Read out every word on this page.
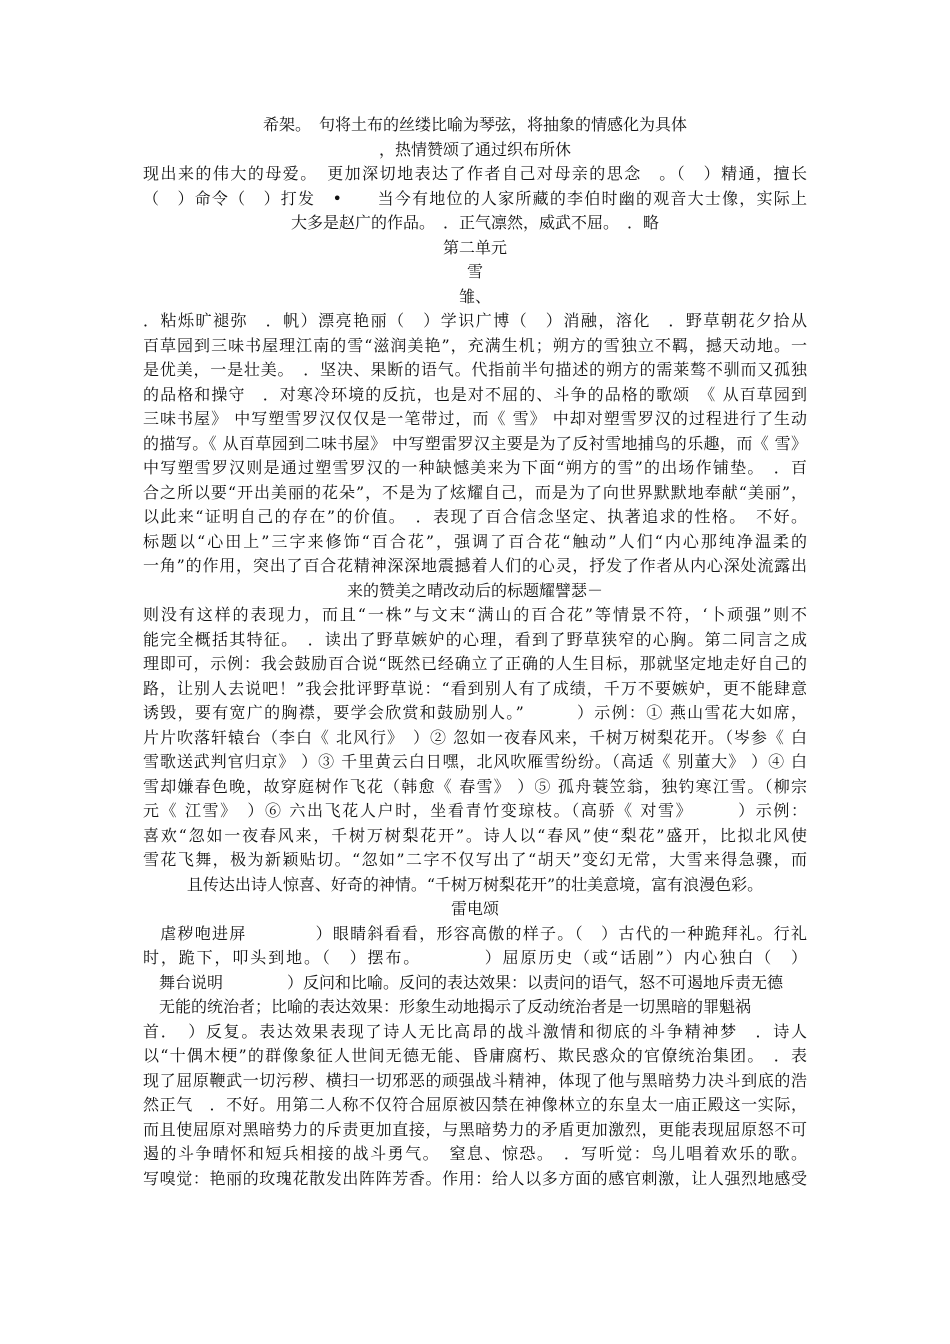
希架。　句将土布的丝缕比喻为琴弦，将抽象的情感化为具体
，热情赞颂了通过织布所休
现出来的伟大的母爱。　更加深切地表达了作者自己对母亲的思念　。（　）精通，擅长
（　）命令（　）打发　•　　当今有地位的人家所藏的李伯时幽的观音大士像，实际上
大多是赵广的作品。　．正气凛然，威武不屈。　．略
第二单元
雪
雏、
．粘烁旷褪弥　．帆）漂亮艳丽（　）学识广博（　）消融，溶化　．野草朝花夕拾从
百草园到三味书屋理江南的雪“滋润美艳”，充满生机；朔方的雪独立不羁，撼天动地。一
是优美，一是壮美。　．坚决、果断的语气。代指前半句描述的朔方的需莱骜不驯而又孤独
的品格和操守　．对寒冷环境的反抗，也是对不屈的、斗争的品格的歌颂　《 从百草园到
三味书屋》 中写塑雪罗汉仅仅是一笔带过，而《 雪》 中却对塑雪罗汉的过程进行了生动
的描写。《 从百草园到二味书屋》 中写塑雷罗汉主要是为了反衬雪地捕鸟的乐趣，而《 雪》
中写塑雪罗汉则是通过塑雪罗汉的一种缺憾美来为下面“朔方的雪”的出场作铺垫。　．百
合之所以要“开出美丽的花朵”，不是为了炫耀自己，而是为了向世界默默地奉献“美丽”，
以此来“证明自己的存在”的价值。　．表现了百合信念坚定、执著追求的性格。　不好。
标题以“心田上”三字来修饰“百合花”，强调了百合花“触动”人们“内心那纯净温柔的
一角”的作用，突出了百合花精神深深地震撼着人们的心灵，抒发了作者从内心深处流露出
来的赞美之晴改动后的标题耀譬瑟－
则没有这样的表现力，而且“一株”与文末“满山的百合花”等情景不符，‘卜顽强”则不
能完全概括其特征。　．读出了野草嫉妒的心理，看到了野草狭窄的心胸。第二同言之成
理即可，示例：我会鼓励百合说“既然已经确立了正确的人生目标，那就坚定地走好自己的
路，让别人去说吧！”我会批评野草说：“看到别人有了成绩，千万不要嫉妒，更不能肆意
诱毁，要有宽广的胸襟，要学会欣赏和鼓励别人。”　　　）示例：① 燕山雪花大如席，
片片吹落轩辕台（李白《 北风行》　）② 忽如一夜春风来，千树万树梨花开。（岑参《 白
雪歌送武判官归京》 ）③ 千里黄云白日嘿，北风吹雁雪纷纷。（高适《 别董大》 ）④ 白
雪却嫌春色晚，故穿庭树作飞花（韩愈《 春雪》 ）⑤ 孤舟蓑笠翁，独钓寒江雪。（柳宗
元《 江雪》　）⑥ 六出飞花人户时，坐看青竹变琼枝。（高骄《 对雪》　　　）示例：
喜欢“忽如一夜春风来，千树万树梨花开”。诗人以“春风”使“梨花”盛开，比拟北风使
雪花飞舞，极为新颖贴切。“忽如”二字不仅写出了“胡天”变幻无常，大雪来得急骤，而
且传达出诗人惊喜、好奇的神情。“千树万树梨花开”的壮美意境，富有浪漫色彩。
雷电颂
　虐秽咆进屏　　　　）眼睛斜看看，形容高傲的样子。（　）古代的一种跪拜礼。行礼
时，跪下，叩头到地。（　）摆布。　　　　）屈原历史（或“话剧”）内心独白（　）
　舞台说明　　　　）反问和比喻。反问的表达效果：以责问的语气，怒不可遏地斥责无德
　无能的统治者；比喻的表达效果：形象生动地揭示了反动统治者是一切黑暗的罪魁祸
首．　）反复。表达效果表现了诗人无比高昂的战斗激情和彻底的斗争精神梦　．诗人
以“十偶木梗”的群像象征人世间无德无能、昏庸腐朽、欺民惑众的官僚统治集团。　．表
现了屈原鞭武一切污秽、横扫一切邪恶的顽强战斗精神，体现了他与黑暗势力决斗到底的浩
然正气　．不好。用第二人称不仅符合屈原被囚禁在神像林立的东皇太一庙正殿这一实际，
而且使屈原对黑暗势力的斥责更加直接，与黑暗势力的矛盾更加激烈，更能表现屈原怒不可
遏的斗争晴怀和短兵相接的战斗勇气。　窒息、惊恐。　．写听觉：鸟儿唱着欢乐的歌。
写嗅觉：艳丽的玫瑰花散发出阵阵芳香。作用：给人以多方面的感官刺激，让人强烈地感受
